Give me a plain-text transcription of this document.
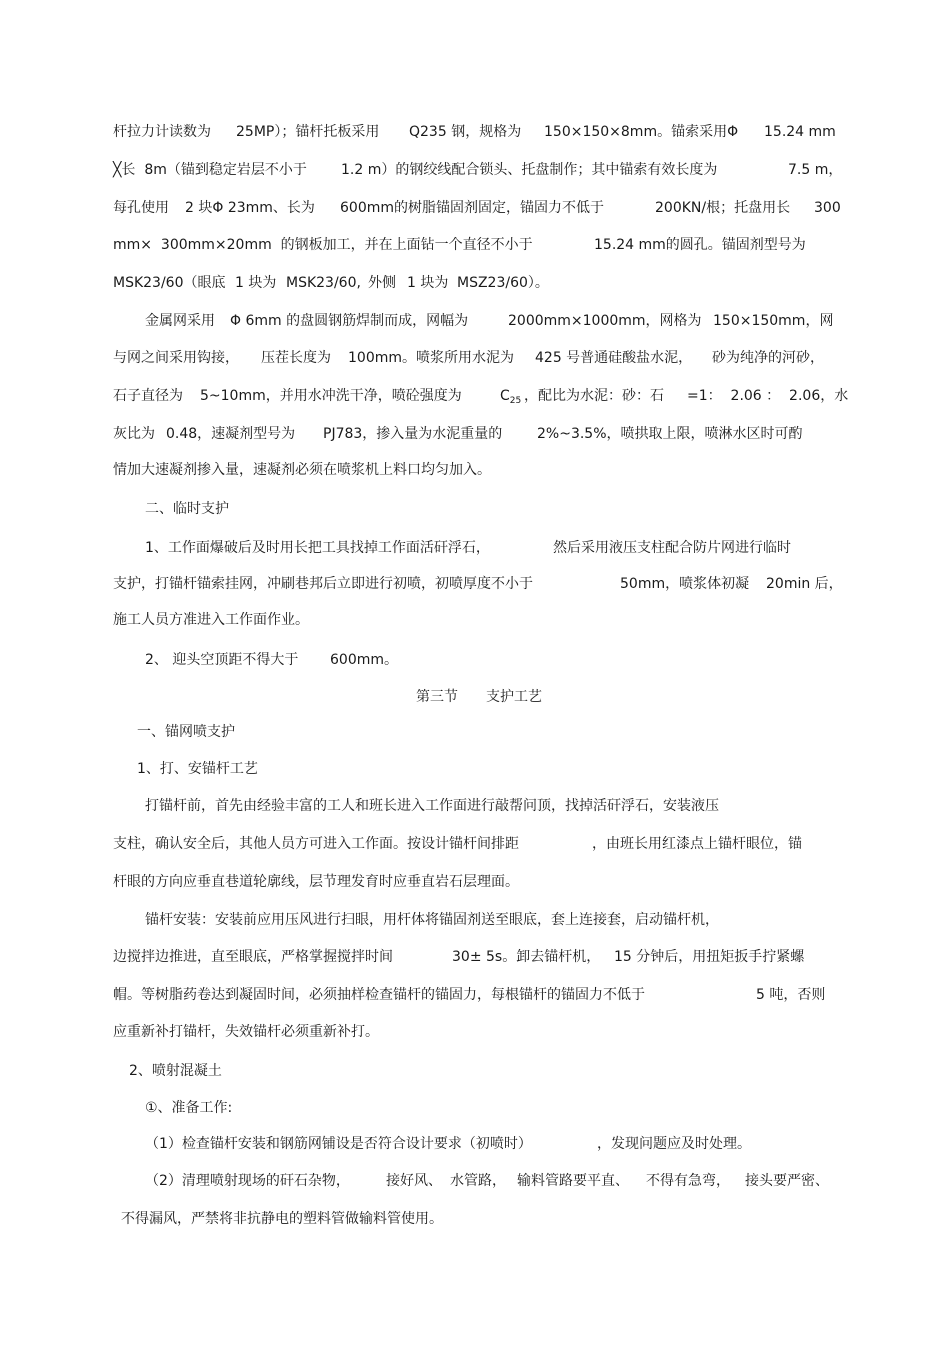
杆拉力计读数为

25MP）；锚杆托板采用

Q235 钢，规格为

150×150×8mm。锚索采用Φ

15.24 mm

╳长  8m（锚到稳定岩层不小于

1.2 m）的钢绞线配合锁头、托盘制作；其中锚索有效长度为

	7.5 m，

每孔使用

2 块Φ 23mm、长为

600mm的树脂锚固剂固定，锚固力不低于

	200KN/根；托盘用长

300

mm×  300mm×20mm  的钢板加工，并在上面钻一个直径不小于

	15.24 mm的圆孔。锚固剂型号为

MSK23/60（眼底

1 块为

MSK23/60,

外侧

1 块为

MSZ23/60）。

金属网采用

Φ 6mm 的盘圆钢筋焊制而成，网幅为

	2000mm×1000mm，网格为

150×150mm，网

与网之间采用钩接，

压茬长度为

100mm。喷浆所用水泥为

425 号普通硅酸盐水泥，

砂为纯净的河砂，

石子直径为

5~10mm，并用水冲洗干净，喷砼强度为

	$C_{25}$

，配比为水泥：砂：石

=1：  2.06 ：  2.06，水

灰比为

0.48，速凝剂型号为

PJ783，掺入量为水泥重量的

2%~3.5%，喷拱取上限，喷淋水区时可酌

情加大速凝剂掺入量，速凝剂必须在喷浆机上料口均匀加入。

二、临时支护

1、工作面爆破后及时用长把工具找掉工作面活矸浮石，

	然后采用液压支柱配合防片网进行临时

支护，打锚杆锚索挂网，冲刷巷邦后立即进行初喷，初喷厚度不小于

	50mm，喷浆体初凝

20min 后，

施工人员方准进入工作面作业。

2、 迎头空顶距不得大于

600mm。

第三节

支护工艺

一、锚网喷支护

1、打、安锚杆工艺

打锚杆前，首先由经验丰富的工人和班长进入工作面进行敲帮问顶，找掉活矸浮石，安装液压

支柱，确认安全后，其他人员方可进入工作面。按设计锚杆间排距

	，由班长用红漆点上锚杆眼位，锚

杆眼的方向应垂直巷道轮廓线，层节理发育时应垂直岩石层理面。

锚杆安装：安装前应用压风进行扫眼，用杆体将锚固剂送至眼底，套上连接套，启动锚杆机，

边搅拌边推进，直至眼底，严格掌握搅拌时间

	30± 5s。卸去锚杆机，

15 分钟后，用扭矩扳手拧紧螺

帽。等树脂药卷达到凝固时间，必须抽样检查锚杆的锚固力，每根锚杆的锚固力不低于

	5 吨，否则

应重新补打锚杆，失效锚杆必须重新补打。

2、喷射混凝土

①、准备工作:

（1）检查锚杆安装和钢筋网铺设是否符合设计要求（初喷时）

	，发现问题应及时处理。

（2）清理喷射现场的矸石杂物，

	接好风、

水管路，

输料管路要平直、

不得有急弯，

接头要严密、

不得漏风，严禁将非抗静电的塑料管做输料管使用。
